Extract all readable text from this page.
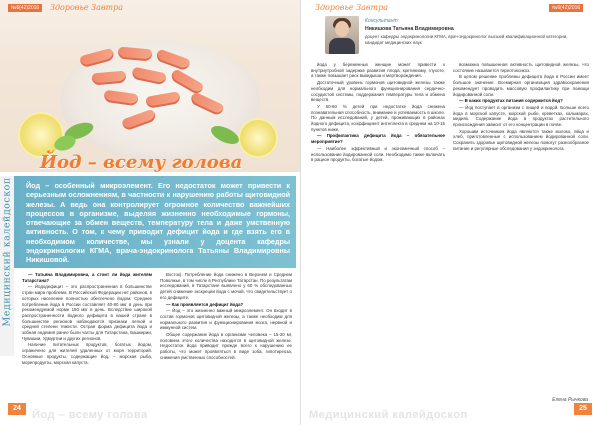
№6(42)2016	Здоровье Завтра
Йод – всему голова
Медицинский калейдоскоп Йод – особенный микроэлемент. Его недостаток может привести к серьезным осложнениям, в частности к нарушению работы щитовидной железы. А ведь она контролирует огромное количество важнейших процессов в организме, выделяя жизненно необходимые гормоны, отвечающие за обмен веществ, температуру тела и даже умственную активность. О том, к чему приводит дефицит йода и где взять его в необходимом количестве, мы узнали у доцента кафедры эндокринологии КГМА, врача-эндокринолога Татьяны Владимировны Никишовой.

— Татьяна Владимировна, а стоит ли йода жителям Татарстана?

— Йододефицит – это распространенная в большинстве стран мира проблема. В Российской Федерации нет районов, в которых население полностью обеспечено йодом. Среднее потребление йода в России составляет 40-80 мкг в день при рекомендуемой норме 150 мкг в день. Вследствие широкой распространенности йодного дефицита в нашей стране в большинстве регионов наблюдаются признаки легкой и средней степени тяжести. Острая форма дефицита йода и зобная эндемия ранее были часты для Татарстана, Башкирии, Чувашии, Удмуртии и других регионов.

Наличие питательных продуктов, богатых йодом, ограничено для жителей удаленных от моря территорий. Основные продукты, содержащие йод, – морская рыба, морепродукты, морская капуста.

Восток). Потребление йода снижено в Верхнем и Среднем Поволжье, в том числе в Республике Татарстан. По результатам исследований, в Татарстане выявлено у 60 % обследованных детей снижение экскреции йода с мочой, что свидетельствует о его дефиците.

— Как проявляется дефицит йода?

— Йод – это жизненно важный микроэлемент. Он входит в состав гормонов щитовидной железы, а также необходим для нормального развития и функционирования мозга, нервной и иммунной систем.

Общее содержание йода в организме человека – 15-20 мг, половина этого количества находится в щитовидной железе. Недостаток йода приводит прежде всего к нарушению ее работы, что может проявляться в виде зоба, гипотиреоза, снижения умственных способностей.

24
Йод – всему голова
Здоровье Завтра	№6(42)2016
Консультант:
Никишова Татьяна Владимировна
доцент кафедры эндокринологии КГМА, врач-эндокринолог высшей квалификационной категории, кандидат медицинских наук

йода у беременных женщин может привести к внутриутробной задержке развития плода, кретинизму, глухоте, а также повышает риск выкидыша и мертворождения.

Достаточный уровень гормонов щитовидной железы также необходим для нормального функционирования сердечно-сосудистой системы, поддержания температуры тела и обмена веществ.

У 50-60 % детей при недостатке йода снижена познавательная способность, внимание и успеваемость в школе. По данным исследований, у детей, проживающих в районах йодного дефицита, коэффициент интеллекта в среднем на 10-15 пунктов ниже.

— Профилактика дефицита йода – обязательное мероприятие?

— Наиболее эффективный и экономичный способ – использование йодированной соли. Необходимо также включать в рацион продукты, богатые йодом.

возможна повышенная активность щитовидной железы, что состояние называется тиреотоксикоз.

В целом решение проблемы дефицита йода в России имеет большое значение. Всемирная организация здравоохранения рекомендует проводить массовую профилактику при помощи йодированной соли.

— В каких продуктах питания содержится йод?

— Йод поступает в организм с пищей и водой. Больше всего йода в морской капусте, морской рыбе, креветках, кальмарах, мидиях. Содержание йода в продуктах растительного происхождения зависит от его концентрации в почве.

Хорошим источником йода являются также молоко, яйца и хлеб, приготовленные с использованием йодированной соли. Сохранить здоровье щитовидной железы помогут разнообразное питание и регулярные обследования у эндокринолога.

Елена Рычкова
Медицинский калейдоскоп
25
